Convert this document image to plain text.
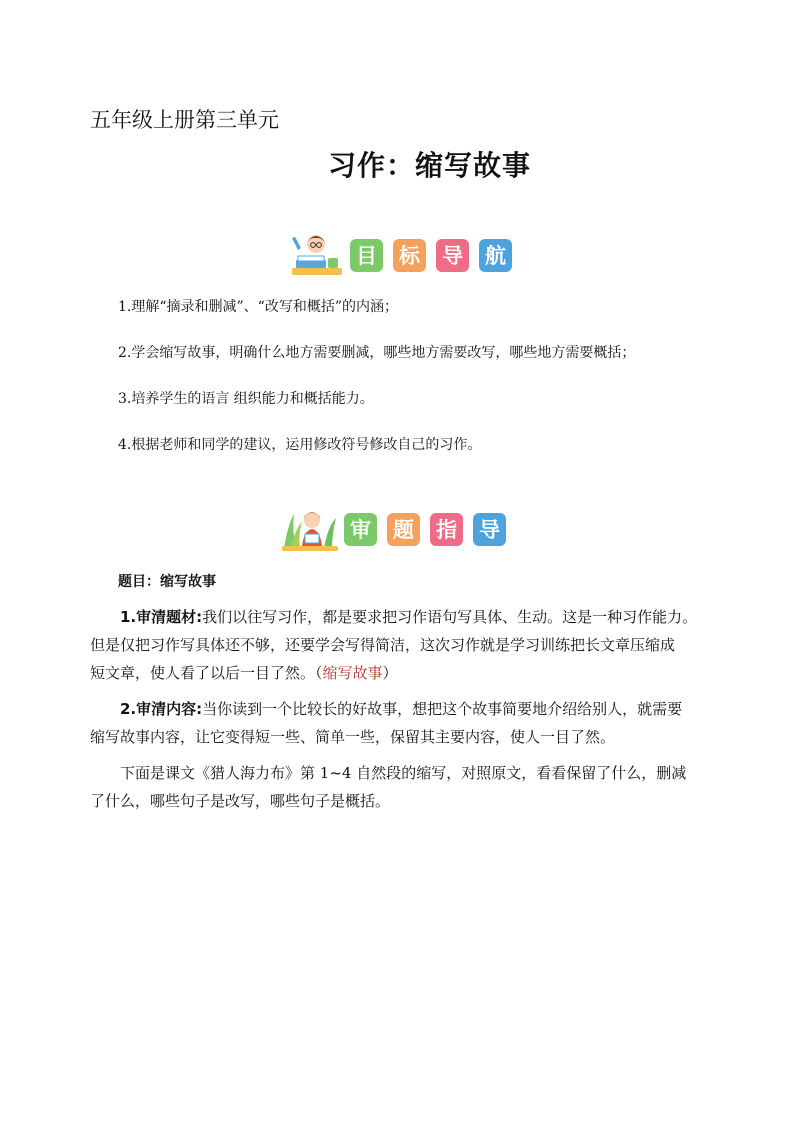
五年级上册第三单元
习作：缩写故事
目 标 导 航
1.理解“摘录和删减”、“改写和概括”的内涵；
2.学会缩写故事，明确什么地方需要删减，哪些地方需要改写，哪些地方需要概括；
3.培养学生的语言 组织能力和概括能力。
4.根据老师和同学的建议，运用修改符号修改自己的习作。
审 题 指 导
题目：缩写故事

1.审清题材:我们以往写习作，都是要求把习作语句写具体、生动。这是一种习作能力。
但是仅把习作写具体还不够，还要学会写得简洁，这次习作就是学习训练把长文章压缩成
短文章，使人看了以后一目了然。（缩写故事）

2.审清内容:当你读到一个比较长的好故事，想把这个故事简要地介绍给别人，就需要
缩写故事内容，让它变得短一些、简单一些，保留其主要内容，使人一目了然。

下面是课文《猎人海力布》第 1~4 自然段的缩写，对照原文，看看保留了什么，删减
了什么，哪些句子是改写，哪些句子是概括。
